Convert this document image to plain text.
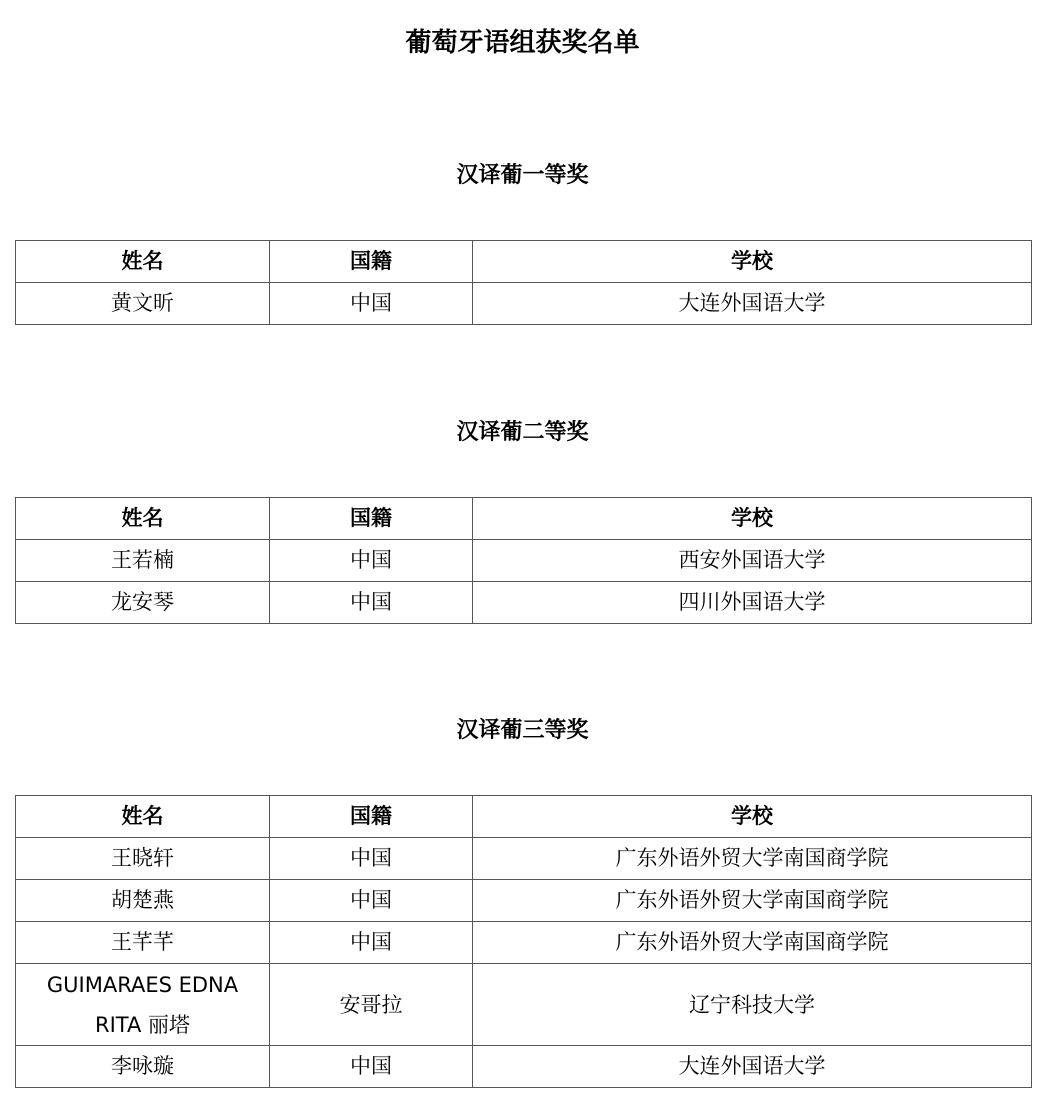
葡萄牙语组获奖名单
汉译葡一等奖
姓名	国籍	学校
黄文昕	中国	大连外国语大学
汉译葡二等奖
姓名	国籍	学校
王若楠	中国	西安外国语大学
龙安琴	中国	四川外国语大学
汉译葡三等奖
姓名	国籍	学校
王晓轩	中国	广东外语外贸大学南国商学院
胡楚燕	中国	广东外语外贸大学南国商学院
王芊芊	中国	广东外语外贸大学南国商学院
GUIMARAES EDNA RITA 丽塔	安哥拉	辽宁科技大学
李咏璇	中国	大连外国语大学
